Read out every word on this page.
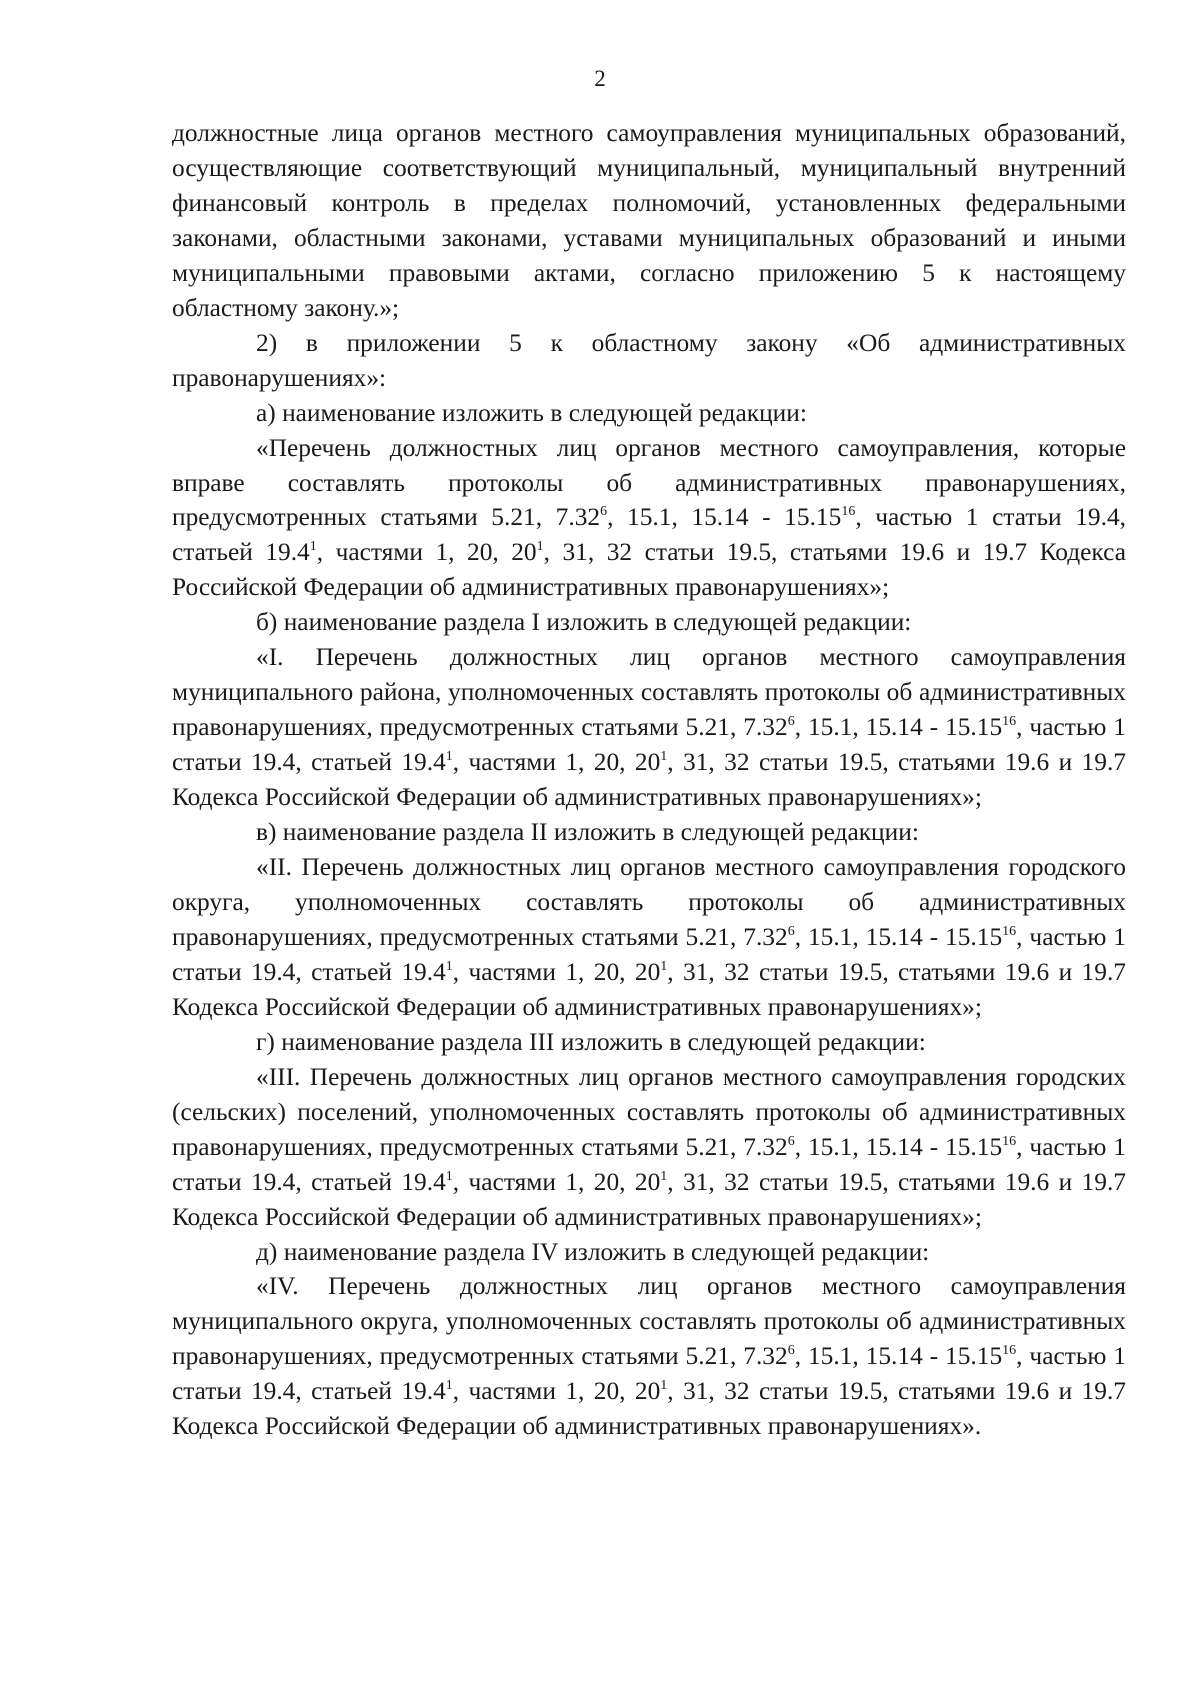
2

должностные лица органов местного самоуправления муниципальных образований, осуществляющие соответствующий муниципальный, муниципальный внутренний финансовый контроль в пределах полномочий, установленных федеральными законами, областными законами, уставами муниципальных образований и иными муниципальными правовыми актами, согласно приложению 5 к настоящему областному закону.»;

2) в приложении 5 к областному закону «Об административных правонарушениях»:

а) наименование изложить в следующей редакции:

«Перечень должностных лиц органов местного самоуправления, которые вправе составлять протоколы об административных правонарушениях, предусмотренных статьями 5.21, 7.32$^6$, 15.1, 15.14 - 15.15$^{16}$, частью 1 статьи 19.4, статьей 19.4$^1$, частями 1, 20, $20^1$, 31, 32 статьи 19.5, статьями 19.6 и 19.7 Кодекса Российской Федерации об административных правонарушениях»;

б) наименование раздела I изложить в следующей редакции:

«I. Перечень должностных лиц органов местного самоуправления муниципального района, уполномоченных составлять протоколы об административных правонарушениях, предусмотренных статьями 5.21, 7.32$^6$, 15.1, 15.14 - 15.15$^{16}$, частью 1 статьи 19.4, статьей 19.4$^1$, частями 1, 20, $20^1$, 31, 32 статьи 19.5, статьями 19.6 и 19.7 Кодекса Российской Федерации об административных правонарушениях»;

в) наименование раздела II изложить в следующей редакции:

«II. Перечень должностных лиц органов местного самоуправления городского округа, уполномоченных составлять протоколы об административных правонарушениях, предусмотренных статьями 5.21, 7.32$^6$, 15.1, 15.14 - 15.15$^{16}$, частью 1 статьи 19.4, статьей 19.4$^1$, частями 1, 20, $20^1$, 31, 32 статьи 19.5, статьями 19.6 и 19.7 Кодекса Российской Федерации об административных правонарушениях»;

г) наименование раздела III изложить в следующей редакции:

«III. Перечень должностных лиц органов местного самоуправления городских (сельских) поселений, уполномоченных составлять протоколы об административных правонарушениях, предусмотренных статьями 5.21, 7.32$^6$, 15.1, 15.14 - 15.15$^{16}$, частью 1 статьи 19.4, статьей 19.4$^1$, частями 1, 20, $20^1$, 31, 32 статьи 19.5, статьями 19.6 и 19.7 Кодекса Российской Федерации об административных правонарушениях»;

д) наименование раздела IV изложить в следующей редакции:

«IV. Перечень должностных лиц органов местного самоуправления муниципального округа, уполномоченных составлять протоколы об административных правонарушениях, предусмотренных статьями 5.21, 7.32$^6$, 15.1, 15.14 - 15.15$^{16}$, частью 1 статьи 19.4, статьей 19.4$^1$, частями 1, 20, $20^1$, 31, 32 статьи 19.5, статьями 19.6 и 19.7 Кодекса Российской Федерации об административных правонарушениях».
